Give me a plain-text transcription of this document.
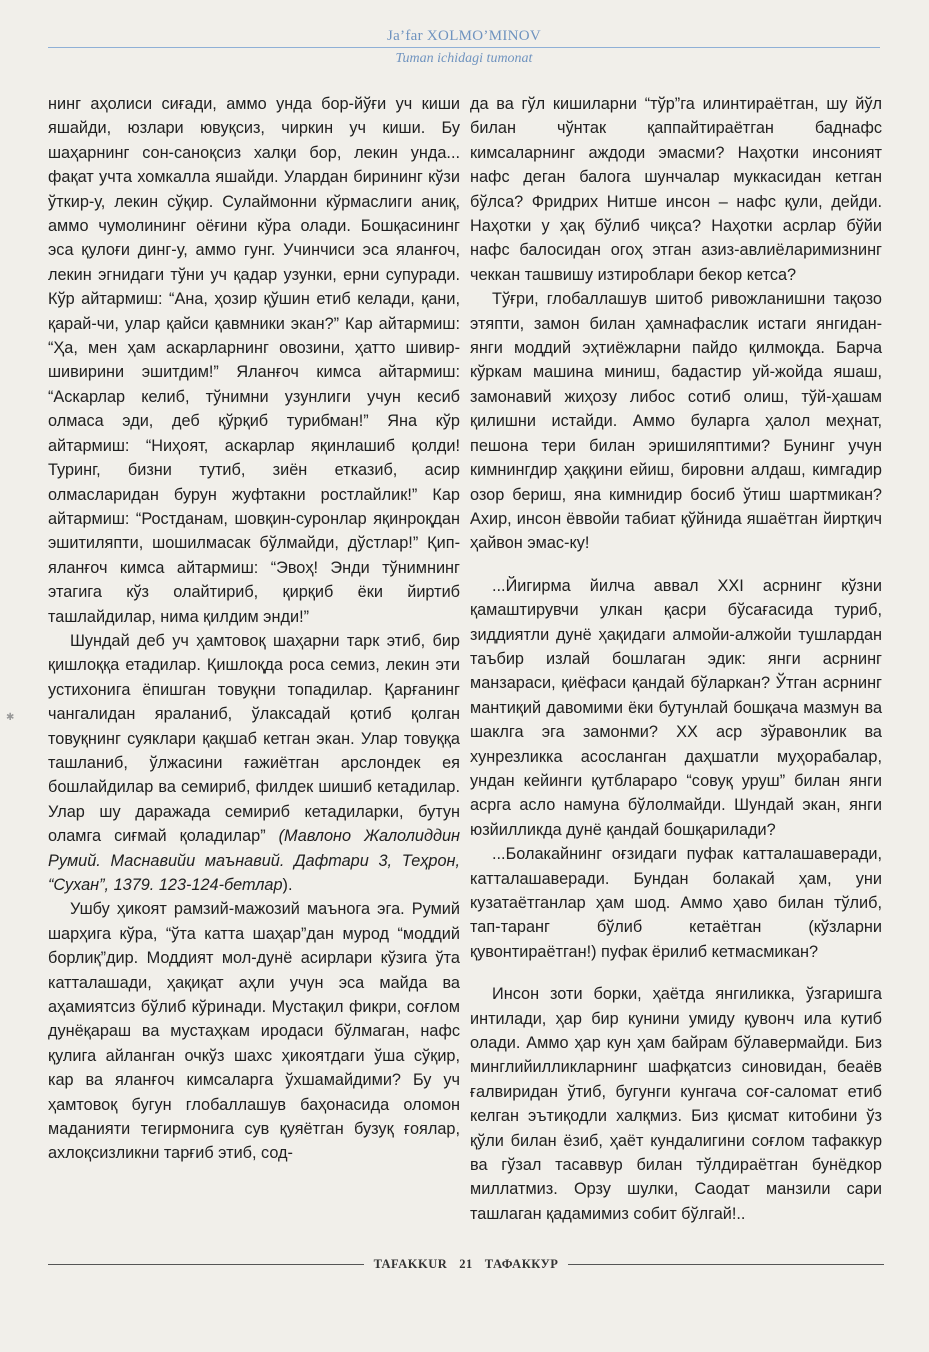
Ja’far XOLMO’MINOV
Tuman ichidagi tumonat
✱

нинг аҳолиси сиғади, аммо унда бор-йўғи уч киши яшайди, юзлари ювуқсиз, чиркин уч киши. Бу шаҳарнинг сон-саноқсиз халқи бор, лекин унда... фақат учта хомкалла яшайди. Улардан бирининг кўзи ўткир-у, лекин сўқир. Сулаймонни кўрмаслиги аниқ, аммо чумолининг оёғини кўра олади. Бошқасининг эса қулоғи динг-у, аммо гунг. Учинчиси эса яланғоч, лекин эгнидаги тўни уч қадар узунки, ерни супуради. Кўр айтармиш: “Ана, ҳозир қўшин етиб келади, қани, қарай-чи, улар қайси қавмники экан?” Кар айтармиш: “Ҳа, мен ҳам аскарларнинг овозини, ҳатто шивир-шивирини эшитдим!” Яланғоч кимса айтармиш: “Аскарлар келиб, тўнимни узунлиги учун кесиб олмаса эди, деб қўрқиб турибман!” Яна кўр айтармиш: “Ниҳоят, аскарлар яқинлашиб қолди! Туринг, бизни тутиб, зиён етказиб, асир олмасларидан бурун жуфтакни ростлайлик!” Кар айтармиш: “Ростданам, шовқин-суронлар яқинроқдан эшитиляпти, шошилмасак бўлмайди, дўстлар!” Қип-яланғоч кимса айтармиш: “Эвоҳ! Энди тўнимнинг этагига кўз олайтириб, қирқиб ёки йиртиб ташлайдилар, нима қилдим энди!”

Шундай деб уч ҳамтовоқ шаҳарни тарк этиб, бир қишлоққа етадилар. Қишлоқда роса семиз, лекин эти устихонига ёпишган товуқни топадилар. Қарғанинг чангалидан яраланиб, ўлаксадай қотиб қолган товуқнинг суяклари қақшаб кетган экан. Улар товуққа ташланиб, ўлжасини ғажиётган арслондек ея бошлайдилар ва семириб, филдек шишиб кетадилар. Улар шу даражада семириб кетадиларки, бутун оламга сиғмай қоладилар” (Мавлоно Жалолиддин Румий. Маснавийи маънавий. Дафтари 3, Теҳрон, “Сухан”, 1379. 123-124-бетлар).

Ушбу ҳикоят рамзий-мажозий маънога эга. Румий шарҳига кўра, “ўта катта шаҳар”дан мурод “моддий борлиқ”дир. Моддият мол-дунё асирлари кўзига ўта катталашади, ҳақиқат аҳли учун эса майда ва аҳамиятсиз бўлиб кўринади. Мустақил фикри, соғлом дунёқараш ва мустаҳкам иродаси бўлмаган, нафс қулига айланган очкўз шахс ҳикоятдаги ўша сўқир, кар ва яланғоч кимсаларга ўхшамайдими? Бу уч ҳамтовоқ бугун глобаллашув баҳонасида оломон маданияти тегирмонига сув қуяётган бузуқ ғоялар, ахлоқсизликни тарғиб этиб, сод-

да ва гўл кишиларни “тўр”га илинтираётган, шу йўл билан чўнтак қаппайтираётган баднафс кимсаларнинг аждоди эмасми? Наҳотки инсоният нафс деган балога шунчалар муккасидан кетган бўлса? Фридрих Нитше инсон – нафс қули, дейди. Наҳотки у ҳақ бўлиб чиқса? Наҳотки асрлар бўйи нафс балосидан огоҳ этган азиз-авлиёларимизнинг чеккан ташвишу изтироблари бекор кетса?

Тўғри, глобаллашув шитоб ривожланишни тақозо этяпти, замон билан ҳамнафаслик истаги янгидан-янги моддий эҳтиёжларни пайдо қилмоқда. Барча кўркам машина миниш, бадастир уй-жойда яшаш, замонавий жиҳозу либос сотиб олиш, тўй-ҳашам қилишни истайди. Аммо буларга ҳалол меҳнат, пешона тери билан эришиляптими? Бунинг учун кимнингдир ҳаққини ейиш, бировни алдаш, кимгадир озор бериш, яна кимнидир босиб ўтиш шартмикан? Ахир, инсон ёввойи табиат қўйнида яшаётган йиртқич ҳайвон эмас-ку!

...Йигирма йилча аввал XXI асрнинг кўзни қамаштирувчи улкан қасри бўсағасида туриб, зиддиятли дунё ҳақидаги алмойи-алжойи тушлардан таъбир излай бошлаган эдик: янги асрнинг манзараси, қиёфаси қандай бўларкан? Ўтган асрнинг мантиқий давомими ёки бутунлай бошқача мазмун ва шаклга эга замонми? XX аср зўравонлик ва хунрезликка асосланган даҳшатли муҳорабалар, ундан кейинги қутбларaро “совуқ уруш” билан янги асрга асло намуна бўлолмайди. Шундай экан, янги юзйилликда дунё қандай бошқарилади?

...Болакайнинг оғзидаги пуфак катталашаверади, катталашаверади. Бундан болакай ҳам, уни кузатаётганлар ҳам шод. Аммо ҳаво билан тўлиб, тап-таранг бўлиб кетаётган (кўзларни қувонтираётган!) пуфак ёрилиб кетмасмикан?

Инсон зоти борки, ҳаётда янгиликка, ўзгаришга интилади, ҳар бир кунини умиду қувонч ила кутиб олади. Аммо ҳар кун ҳам байрам бўлавермайди. Биз минглийилликларнинг шафқатсиз синовидан, беаёв ғалвиридан ўтиб, бугунги кунгача соғ-саломат етиб келган эътиқодли халқмиз. Биз қисмат китобини ўз қўли билан ёзиб, ҳаёт кундалигини соғлом тафаккур ва гўзал тасаввур билан тўлдираётган бунёдкор миллатмиз. Орзу шулки, Саодат манзили сари ташлаган қадамимиз собит бўлгай!..

TAFAKKUR 21 ТАФАККУР
